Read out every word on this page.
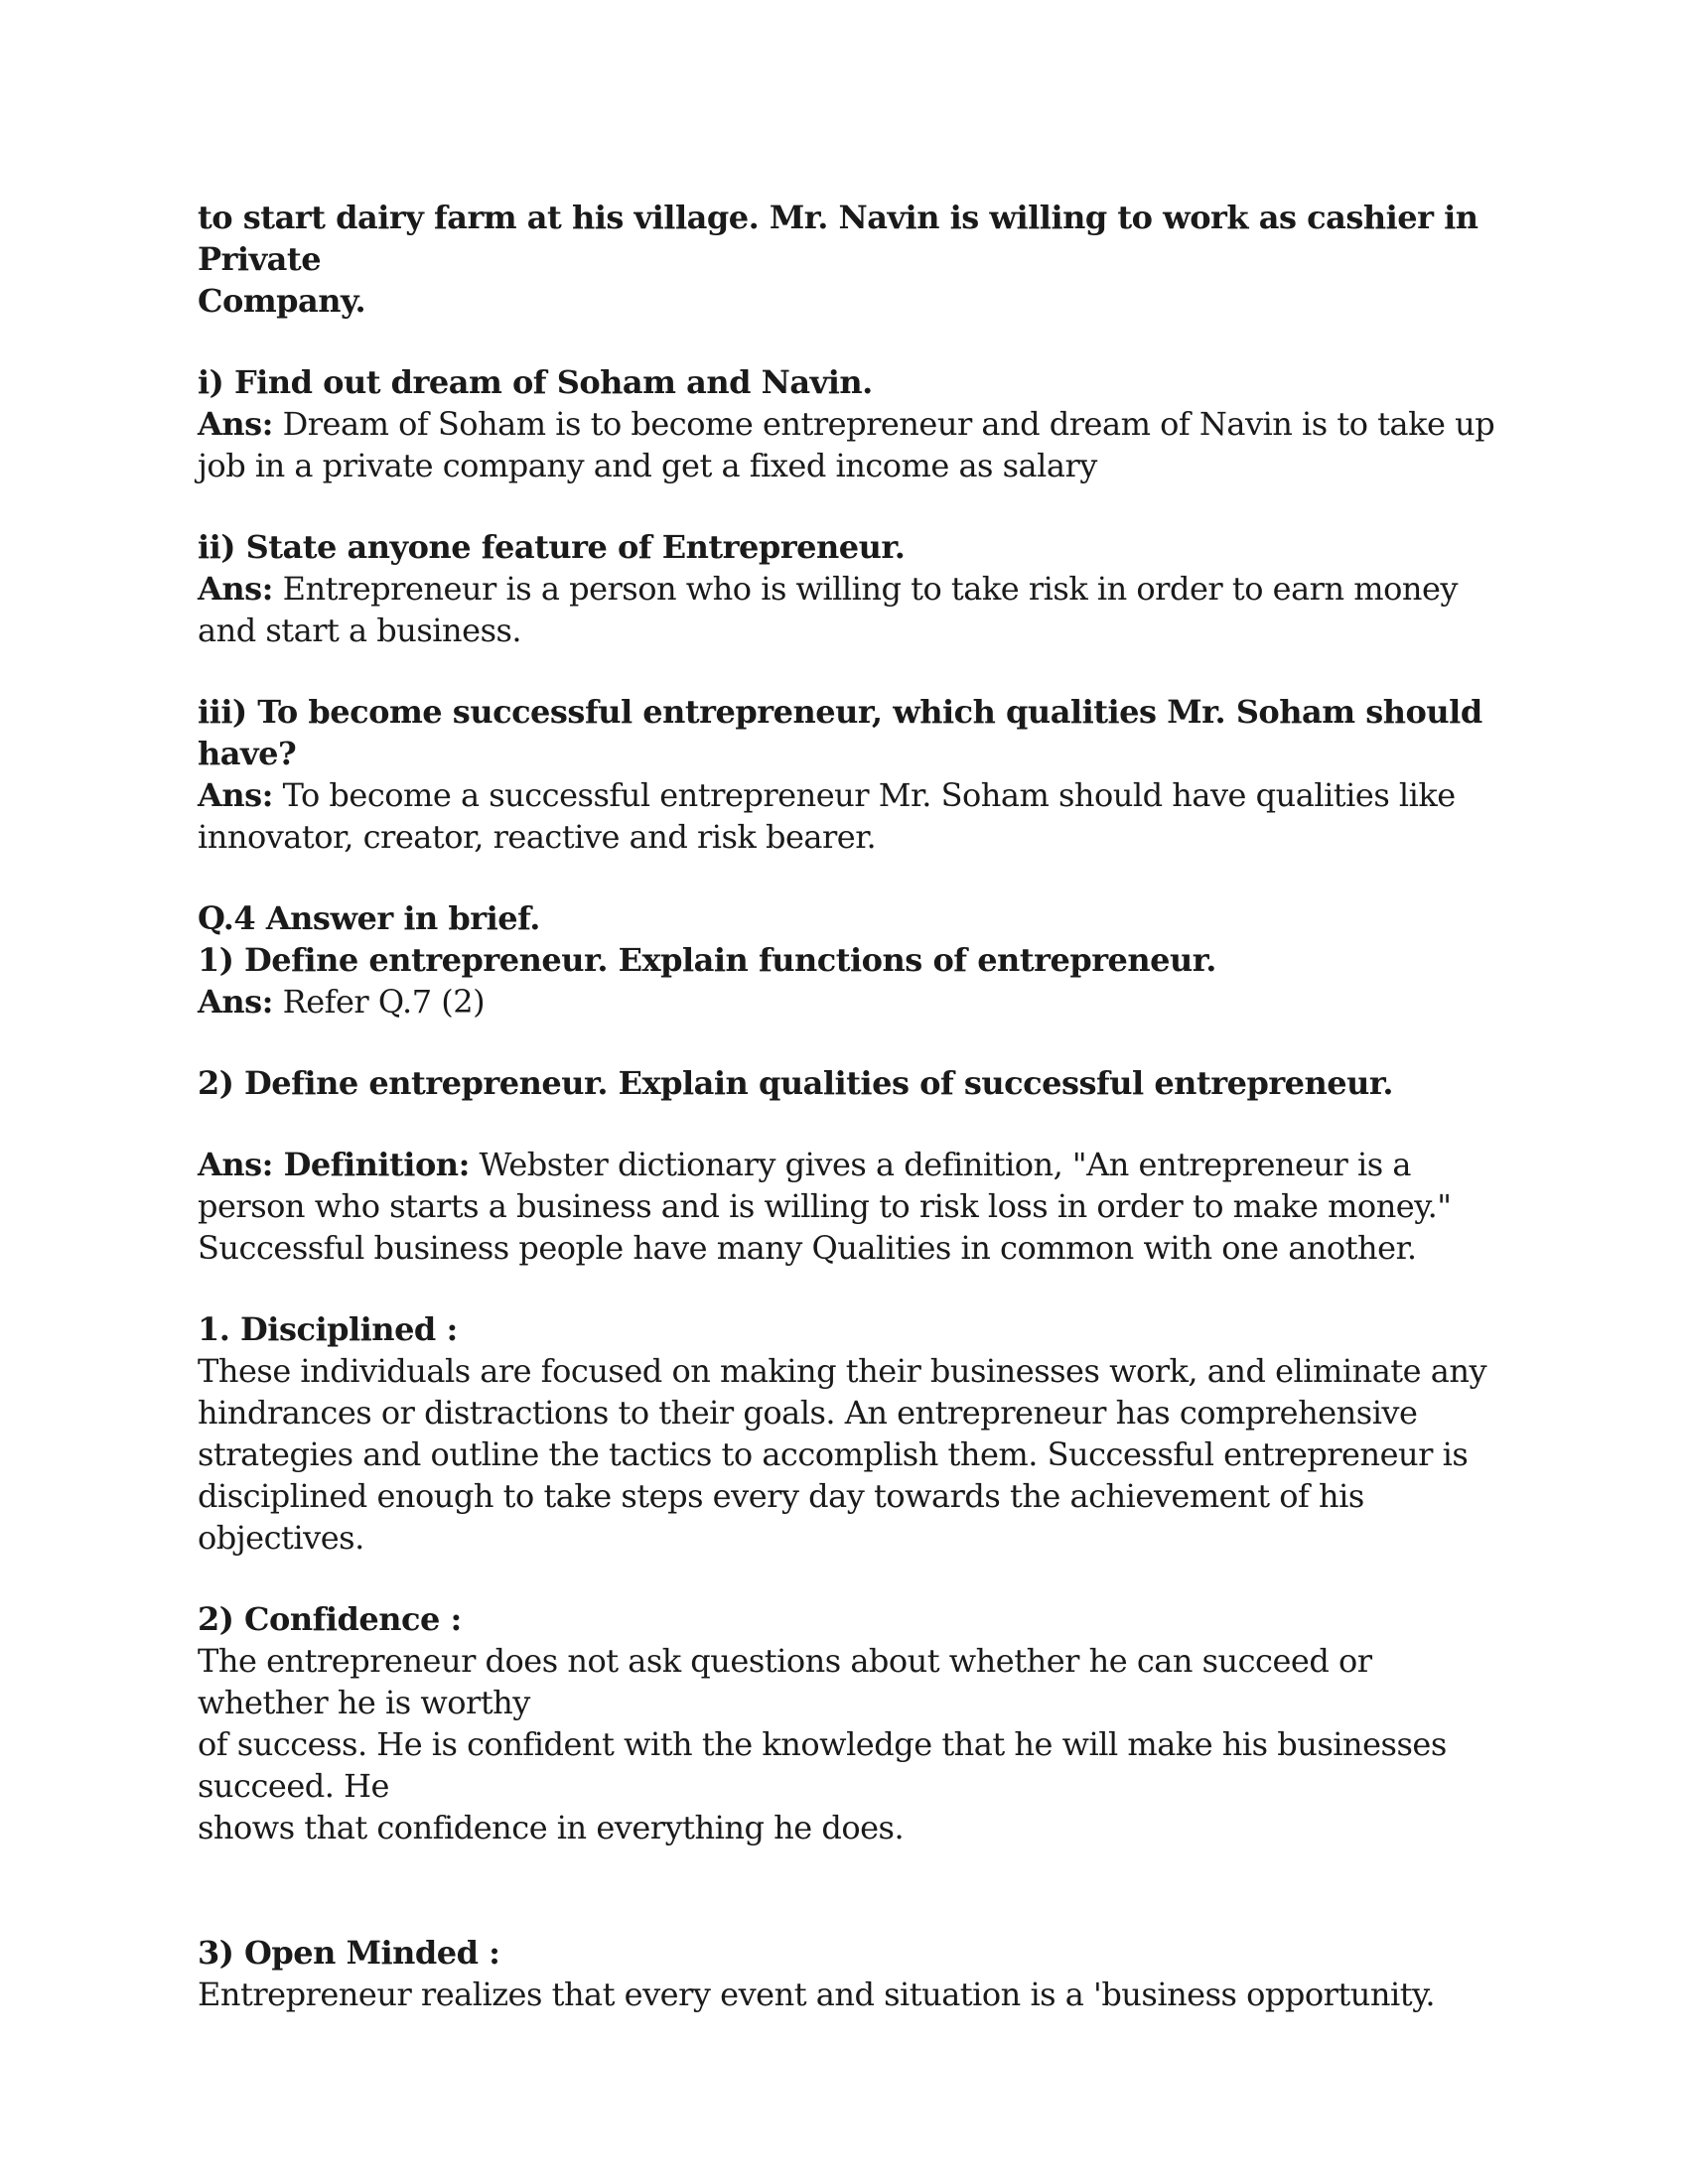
to start dairy farm at his village. Mr. Navin is willing to work as cashier in Private

Company.

i) Find out dream of Soham and Navin.

Ans: Dream of Soham is to become entrepreneur and dream of Navin is to take up job in a private company and get a fixed income as salary

ii) State anyone feature of Entrepreneur.

Ans: Entrepreneur is a person who is willing to take risk in order to earn money and start a business.

iii) To become successful entrepreneur, which qualities Mr. Soham should have?

Ans: To become a successful entrepreneur Mr. Soham should have qualities like innovator, creator, reactive and risk bearer.

Q.4 Answer in brief.

1) Define entrepreneur. Explain functions of entrepreneur.

Ans: Refer Q.7 (2)

2) Define entrepreneur. Explain qualities of successful entrepreneur.

Ans: Definition: Webster dictionary gives a definition, "An entrepreneur is a person who starts a business and is willing to risk loss in order to make money."

Successful business people have many Qualities in common with one another.

1. Disciplined :

These individuals are focused on making their businesses work, and eliminate any hindrances or distractions to their goals. An entrepreneur has comprehensive strategies and outline the tactics to accomplish them. Successful entrepreneur is disciplined enough to take steps every day towards the achievement of his objectives.

2) Confidence :

The entrepreneur does not ask questions about whether he can succeed or whether he is worthy

of success. He is confident with the knowledge that he will make his businesses succeed. He

shows that confidence in everything he does.

3) Open Minded :

Entrepreneur realizes that every event and situation is a 'business opportunity.
